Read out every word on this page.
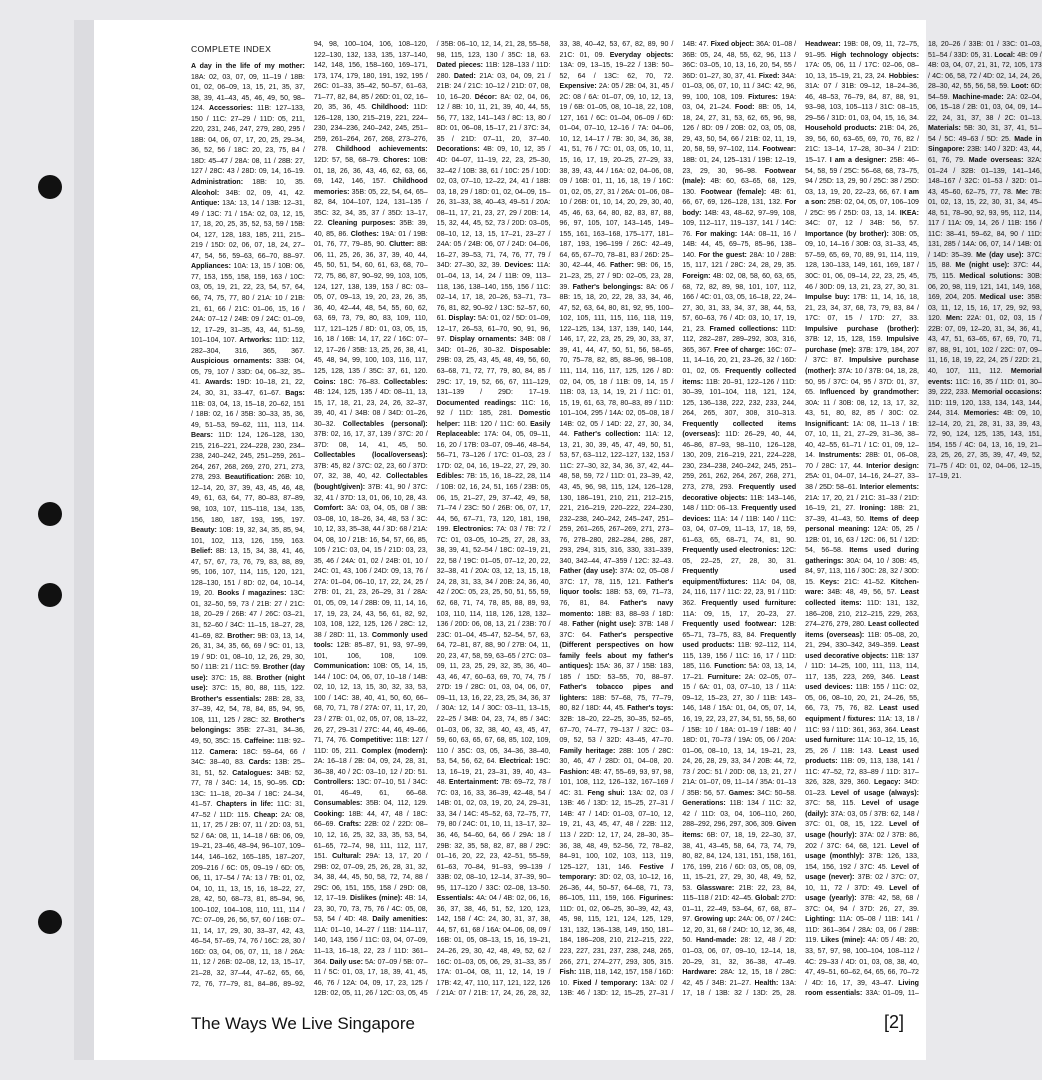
COMPLETE INDEX

A day in the life of my mother: 18A: 02, 03, 07, 09, 11–19 / 18B: 01, 02, 06–09, 13, 15, 21, 35, 37, 38, 39, 41–43, 45, 46, 49, 50, 98–124. Accessories: 11B: 127–133, 150 / 11C: 27–29 / 11D: 05, 211, 220, 231, 246, 247, 279, 280, 295 / 18B: 04, 06, 07, 17, 20, 25, 29–34, 36, 52, 56 / 18C: 20, 23, 75, 84 / 18D: 45–47 / 28A: 08, 11 / 28B: 27, 127 / 28C: 43 / 28D: 09, 14, 16–19. Administration: 18B: 10, 35. Alcohol: 34B: 02, 09, 41, 42. Antique: 13A: 13, 14 / 13B: 12–31, 49 / 13C: 71 / 15A: 02, 03, 12, 15, 17, 18, 20, 25, 35, 52, 53, 59 / 15B: 04, 127, 128, 183, 185, 211, 215–219 / 15D: 02, 06, 07, 18, 24, 27–47, 54, 56, 59–63, 66–70, 88–97. Appliances: 10A: 13, 15 / 10B: 06, 77, 153, 155, 158, 159, 163 / 10C: 03, 05, 19, 21, 22, 23, 54, 57, 64, 66, 74, 75, 77, 80 / 21A: 10 / 21B: 21, 61, 66 / 21C: 01–06, 15, 16 / 24A: 07–12 / 24B: 09 / 24C: 01–09, 12, 17–29, 31–35, 43, 44, 51–59, 101–104, 107. Artworks: 11D: 112, 282–304, 316, 365, 367. Auspicious ornaments: 33B: 04, 05, 79, 107 / 33D: 04, 06–32, 35–41. Awards: 19D: 10–18, 21, 22, 24, 30, 31, 33–47, 61–67. Bags: 11B: 03, 04, 13, 15–18, 20–62, 151 / 18B: 02, 16 / 35B: 30–33, 35, 36, 49, 51–53, 59–62, 111, 113, 114. Bears: 11D: 124, 126–128, 130, 215, 216–221, 224–228, 230, 234–238, 240–242, 245, 251–259, 261–264, 267, 268, 269, 270, 271, 273, 278, 293. Beautification: 26B: 10, 12–14, 20, 37, 39, 43, 45, 46, 48, 49, 61, 63, 64, 77, 80–83, 87–89, 98, 103, 107, 115–118, 134, 135, 156, 180, 187, 193, 195, 197. Beauty: 10B: 19, 32, 34, 35, 85, 94, 101, 102, 113, 126, 159, 163. Belief: 8B: 13, 15, 34, 38, 41, 46, 47, 57, 67, 73, 76, 79, 83, 88, 89, 95, 106, 107, 114, 115, 120, 121, 128–130, 151 / 8D: 02, 04, 10–14, 19, 20. Books / magazines: 13C: 01, 32–50, 59, 73 / 21B: 27 / 21C: 18, 20–29 / 26B: 47 / 26C: 03–21, 31, 52–60 / 34C: 11–15, 18–27, 28, 41–69, 82. Brother: 9B: 03, 13, 14, 26, 31, 34, 35, 66, 69 / 9C: 01, 13, 19 / 9D: 01, 08–10, 12, 26, 29, 30, 50 / 11B: 21 / 11C: 59. Brother (day use): 37C: 15, 88. Brother (night use): 37C: 15, 80, 88, 115, 122. Brother's essentials: 28B: 28, 33, 37–39, 42, 54, 78, 84, 85, 94, 95, 108, 111, 125 / 28C: 32. Brother's belongings: 35B: 27–31, 34–36, 49, 50, 35C: 15. Caffeine: 11B: 92–112. Camera: 18C: 59–64, 66 / 34C: 38–40, 83. Cards: 13B: 25–31, 51, 52. Catalogues: 34B: 52, 77, 78 / 34C: 14, 15, 90–95. CD: 13C: 11–18, 20–34 / 18C: 24–34, 41–57. Chapters in life: 11C: 31, 47–52 / 11D: 115. Cheap: 2A: 08, 11, 17, 25 / 2B: 07, 11 / 2D: 03, 51, 52 / 6A: 08, 11, 14–18 / 6B: 06, 09, 19–21, 23–46, 48–94, 96–107, 109–144, 146–162, 165–185, 187–207, 209–216 / 6C: 05, 09–19 / 6D: 05, 06, 11, 17–54 / 7A: 13 / 7B: 01, 02, 04, 10, 11, 13, 15, 16, 18–22, 27, 28, 42, 50, 68–73, 81, 85–94, 96, 100–102, 104–108, 110, 111, 114 / 7C: 07–09, 26, 56, 57, 60 / 16B: 07–11, 14, 17, 29, 30, 33–37, 42, 43, 46–54, 57–69, 74, 76 / 16C: 28, 30 / 16D: 03, 04, 06, 07, 11, 18 / 26A: 11, 12 / 26B: 02–08, 12, 13, 15–17, 21–28, 32, 37–44, 47–62, 65, 66, 72, 76, 77–79, 81, 84–86, 89–92, 94, 98, 100–104, 106, 108–120, 122–130, 132, 133, 135, 137–140, 142, 148, 156, 158–160, 169–171, 173, 174, 179, 180, 191, 192, 195 / 26C: 01–33, 35–42, 50–57, 61–63, 71–77, 82, 84, 85 / 26D: 01, 02, 16–20, 35, 36, 45. Childhood: 11D: 126–128, 130, 215–219, 221, 224–230, 234–236, 240–242, 245, 251–259, 261–264, 267, 268, 273–276, 278. Childhood achievements: 12D: 57, 58, 68–79. Chores: 10B: 01, 18, 26, 36, 43, 46, 62, 63, 66, 69, 142, 146, 157. Childhood memories: 35B: 05, 22, 54, 64, 65–82, 84, 104–107, 124, 131–135 / 35C: 32, 34, 35, 37 / 35D: 13–17, 22. Cleaning purposes: 35B: 39, 40, 85, 86. Clothes: 19A: 01 / 19B: 01, 76, 77, 79–85, 90. Clutter: 8B: 06, 11, 25, 26, 36, 37, 39, 40, 44, 45, 50, 51, 54, 60, 61, 63, 68, 70–72, 75, 86, 87, 90–92, 99, 103, 105, 124, 127, 138, 139, 153 / 8C: 03–05, 07, 09–13, 19, 20, 23, 26, 35, 36, 40, 42–44, 48, 54, 55, 60, 62, 63, 69, 73, 79, 80, 83, 109, 110, 117, 121–125 / 8D: 01, 03, 05, 15, 16, 18 / 16B: 14, 17, 22 / 16C: 07–12, 17–26 / 35B: 13, 25, 26, 38, 41, 45, 48, 94, 99, 100, 103, 116, 117, 125, 128, 135 / 35C: 37, 61, 120. Coins: 18C: 76–83. Collectables: 4B: 124, 125, 135 / 4D: 08–11, 13, 15, 17, 18, 21, 23, 24, 26, 32–37, 39, 40, 41 / 34B: 08 / 34D: 01–26, 30–32. Collectables (personal): 37B: 02, 16, 17, 37, 139 / 37C: 20 / 37D: 08, 14, 41, 45, 50. Collectables (local/overseas): 37B: 45, 82 / 37C: 02, 23, 60 / 37D: 07, 32, 38, 40, 42. Collectables (bought/given): 37B: 41, 90 / 37C: 32, 41 / 37D: 13, 01, 06, 10, 28, 43. Comfort: 3A: 03, 04, 05, 08 / 3B: 03–08, 10, 18–26, 34, 48, 53 / 3C: 10, 12, 33, 35–38, 44 / 3D: 68 / 21A: 04, 08, 10 / 21B: 16, 54, 57, 66, 85, 105 / 21C: 03, 04, 15 / 21D: 03, 23, 35, 46 / 24A: 01, 02 / 24B: 01, 10 / 24C: 01, 43, 106 / 24D: 09, 13, 76 / 27A: 01–04, 06–10, 17, 22, 24, 25 / 27B: 01, 21, 23, 26–29, 31 / 28A: 01, 05, 09, 14 / 28B: 09, 11, 14, 16, 17, 19, 23, 24, 43, 56, 61, 82, 92, 103, 108, 122, 125, 126 / 28C: 12, 38 / 28D: 11, 13. Commonly used tools: 12B: 85–87, 91, 93, 97–99, 101, 106, 108, 109. Communication: 10B: 05, 14, 15, 144 / 10C: 04, 06, 07, 10–18 / 14B: 02, 10, 12, 13, 15, 30, 32, 33, 53, 100 / 14C: 38, 40, 41, 50, 60, 66–68, 70, 71, 78 / 27A: 07, 11, 17, 20, 23 / 27B: 01, 02, 05, 07, 08, 13–22, 26, 27, 29–31 / 27C: 44, 46, 49–66, 71, 74, 76. Competitive: 11B: 127 / 11D: 05, 211. Complex (modern): 2A: 16–18 / 2B: 04, 09, 24, 28, 31, 36–38, 40 / 2C: 03–10, 12 / 2D: 51. Controllers: 13C: 07–10, 51 / 34C: 01, 46–49, 61, 66–68. Consumables: 35B: 04, 112, 129. Cooking: 18B: 44, 47, 48 / 18C: 66–69. Crafts: 22B: 02 / 22D: 08–10, 12, 16, 25, 32, 33, 35, 53, 54, 61–65, 72–74, 98, 111, 112, 117, 151. Cultural: 29A: 13, 17, 20 / 29B: 02, 07–09, 25, 26, 28, 31, 32, 34, 38, 44, 45, 50, 58, 72, 74, 88 / 29C: 06, 151, 155, 158 / 29D: 08, 12, 17–19. Dislikes (mine): 4B: 14, 23, 30, 70, 73, 75, 76 / 4C: 05, 08, 53, 54 / 4D: 48. Daily amenities: 11A: 01–10, 14–27 / 11B: 114–117, 140, 143, 156 / 11C: 03, 04, 07–09, 11–13, 16–18, 22, 23 / 11D: 361–364. Daily use: 5A: 07–09 / 5B: 07–11 / 5C: 01, 03, 17, 18, 39, 41, 45, 46, 76 / 12A: 04, 09, 17, 23, 125 / 12B: 02, 05, 11, 26 / 12C: 03, 05, 45 / 35B: 06–10, 12, 14, 21, 28, 55–58, 98, 115, 123, 130 / 35C: 18, 63. Dated pieces: 11B: 128–133 / 11D: 280. Dated: 21A: 03, 04, 09, 21 / 21B: 24 / 21C: 10–12 / 21D: 07, 08, 10, 16–20. Décor: 8A: 02, 04, 06, 12 / 8B: 10, 11, 21, 39, 40, 44, 55, 56, 77, 132, 141–143 / 8C: 13, 80 / 8D: 01, 06–08, 15–17, 21 / 37C: 34, 35 / 21D: 07–11, 20, 37–40. Decorations: 4B: 09, 10, 12, 35 / 4D: 04–07, 11–19, 22, 23, 25–30, 32–42 / 10B: 38, 61 / 10C: 25 / 10D: 02, 03, 07–10, 12–22, 24, 41 / 18B: 03, 18, 29 / 18D: 01, 02, 04–09, 15–26, 31–33, 38, 40–43, 49–51 / 20A: 08–11, 17, 21, 23, 27, 29 / 20B: 14, 15, 32, 44, 45, 52, 73 / 20D: 03–05, 08–10, 12, 13, 15, 17–21, 23–27 / 24A: 05 / 24B: 06, 07 / 24D: 04–06, 16–27, 39–53, 71, 74, 76, 77, 79 / 34D: 27–30, 32, 39. Devices: 11A: 01–04, 13, 14, 24 / 11B: 09, 113–118, 136, 138–140, 155, 156 / 11C: 02–14, 17, 18, 20–26, 53–71, 73–76, 81, 82, 90–92 / 13C: 52–57, 60, 61. Display: 5A: 01, 02 / 5D: 01–09, 12–17, 26–53, 61–70, 90, 91, 96, 97. Display ornaments: 34B: 08 / 34D: 01–26, 30–32. Disposable: 29B: 03, 25, 43, 45, 48, 49, 56, 60, 63–68, 71, 72, 77, 79, 80, 84, 85 / 29C: 17, 19, 52, 66, 67, 111–129, 131–139 / 29D: 17–19. Documented readings: 11C: 16, 92 / 11D: 185, 281. Domestic helper: 11B: 120 / 11C: 60. Easily Replaceable: 17A: 04, 05, 09–11, 16, 20 / 17B: 03–07, 09–46, 48–54, 56–71, 73–126 / 17C: 01–03, 23 / 17D: 02, 04, 16, 19–22, 27, 29, 30. Edibles: 7B: 15, 16, 18–22, 28, 114 / 10B: 02, 16, 24, 51, 165 / 23B: 05, 06, 15, 21–27, 29, 37–42, 49, 58, 71–74 / 23C: 50 / 26B: 06, 07, 17, 44, 56, 67–71, 73, 120, 181, 198, 199. Electronics: 7A: 03 / 7B: 72 / 7C: 01, 03–05, 10–25, 27, 28, 33, 38, 39, 41, 52–54 / 18C: 02–19, 21, 22, 58 / 19C: 01–05, 07–12, 20, 22, 32–38, 41 / 20A: 03, 12, 13, 15, 18, 24, 28, 31, 33, 34 / 20B: 24, 36, 40, 42 / 20C: 05, 23, 25, 50, 51, 55, 59, 62, 68, 71, 74, 78, 85, 88, 89, 93, 103, 110, 114, 118, 126, 128, 132–136 / 20D: 06, 08, 13, 21 / 23B: 70 / 23C: 01–04, 45–47, 52–54, 57, 63, 64, 72–81, 87, 88, 90 / 27B: 04, 11, 20, 23, 47, 58, 59, 63–65 / 27C: 03–09, 11, 23, 25, 29, 32, 35, 36, 40–43, 46, 47, 60–63, 69, 70, 74, 75 / 27D: 19 / 28C: 01, 03, 04, 06, 07, 09–11, 13, 16, 22, 23, 25, 34, 36, 37 / 30A: 12, 14 / 30C: 03–11, 13–15, 22–25 / 34B: 04, 23, 74, 85 / 34C: 01–03, 06, 32, 38, 40, 43, 45, 47, 59, 60, 63, 65, 67, 68, 85, 102, 109, 110 / 35C: 03, 05, 34–36, 38–40, 53, 54, 56, 62, 64. Electrical: 19C: 13, 16–19, 21, 23–31, 39, 40, 43–48. Entertainment: 7B: 69–72, 78 / 7C: 03, 16, 33, 36–39, 42–48, 54 / 14B: 01, 02, 03, 19, 20, 24, 29–31, 33, 34 / 14C: 45–52, 63, 72–75, 77, 79, 80 / 24C: 01, 10, 11, 13–17, 32–36, 46, 54–60, 64, 66 / 29A: 18 / 29B: 32, 35, 58, 82, 87, 88 / 29C: 01–16, 20, 22, 23, 42–51, 55–59, 61–63, 70–84, 91–93, 99–139 / 33B: 02, 08–10, 12–14, 37–39, 90–95, 117–120 / 33C: 02–08, 13–50. Essentials: 4A: 04 / 4B: 02, 06, 16, 36, 37, 38, 46, 51, 52, 120, 123, 142, 158 / 4C: 24, 30, 31, 37, 38, 44, 57, 61, 68 / 16A: 04–06, 08, 09 / 16B: 01, 05, 08–13, 15, 16, 19–21, 24–26, 29, 30, 42, 48, 49, 52, 62 / 16C: 01–03, 05, 06, 29, 31–33, 35 / 17A: 01–04, 08, 11, 12, 14, 19 / 17B: 42, 47, 110, 117, 121, 122, 126 / 21A: 07 / 21B: 17, 24, 26, 28, 32, 33, 38, 40–42, 53, 67, 82, 89, 90 / 21C: 01, 09. Everyday objects: 13A: 09, 13–15, 19–22 / 13B: 50–52, 64 / 13C: 62, 70, 72. Expensive: 2A: 05 / 2B: 04, 31, 45 / 2C: 08 / 6A: 01–07, 09, 10, 12, 13, 19 / 6B: 01–05, 08, 10–18, 22, 108, 127, 161 / 6C: 01–04, 06–09 / 6D: 01–04, 07–10, 12–16 / 7A: 04–06, 10, 12, 14–17 / 7B: 30, 34, 36, 38, 41, 51, 76 / 7C: 01, 03, 05, 10, 11, 15, 16, 17, 19, 20–25, 27–29, 33, 38, 39, 43, 44 / 16A: 02, 04–06, 08, 09 / 16B: 01, 11, 16, 18, 19 / 16C: 01, 02, 05, 27, 31 / 26A: 01–06, 08–10 / 26B: 01, 10, 14, 20, 29, 30, 40, 45, 46, 63, 64, 80, 82, 83, 87, 88, 96, 97, 105, 107, 143–145, 149–155, 161, 163–168, 175–177, 181–187, 193, 196–199 / 26C: 42–49, 64, 65, 67–70, 78–81, 83 / 26D: 25–30, 42–44, 46. Father: 9B: 06, 15, 21–23, 25, 27 / 9D: 02–05, 23, 28, 39. Father's belongings: 8A: 06 / 8B: 15, 18, 20, 22, 28, 33, 34, 46, 47, 52, 63, 64, 80, 81, 92, 95, 100–102, 105, 111, 115, 116, 118, 119, 122–125, 134, 137, 139, 140, 144, 146, 17, 22, 23, 25, 29, 30, 33, 37, 39, 41, 44, 47, 50, 51, 56, 58–65, 70, 75–78, 82, 85, 88–96, 98–108, 111, 114, 116, 117, 125, 126 / 8D: 02, 04, 05, 18 / 11B: 09, 14, 15 / 11B: 03, 13, 14, 19, 21 / 11C: 01, 15, 19, 61, 63, 78, 80–83, 89 / 11D: 101–104, 295 / 14A: 02, 05–08, 18 / 14B: 02, 05 / 14D: 22, 27, 30, 34, 44. Father's collection: 11A: 12, 13, 21, 30, 39, 45, 47, 49, 50, 51, 53, 57, 63–112, 122–127, 132, 153 / 11C: 27–30, 32, 34, 36, 37, 42, 44–48, 58, 59, 72 / 11D: 01, 23–39, 42, 43, 45, 96, 98, 115, 124, 126–128, 130, 186–191, 210, 211, 212–215, 221, 216–219, 220–222, 224–230, 232–238, 240–242, 245–247, 251–259, 261–265, 267–269, 271, 273–76, 278–280, 282–284, 286, 287, 293, 294, 315, 316, 330, 331–339, 340, 342–44, 47–359 / 12C: 32–43. Father (day use): 37A: 02, 05–08 / 37C: 17, 78, 115, 121. Father's liquor tools: 18B: 53, 69, 71–73, 76, 81, 84. Father's navy momento: 18B: 83, 88–93 / 18D: 48. Father (night use): 37B: 148 / 37C: 64. Father's perspective (Different perspectives on how family feels about my father's antiques): 15A: 36, 37 / 15B: 183, 185 / 15D: 53–55, 70, 88–97. Father's tobacco pipes and lighters: 18B: 57–68, 75, 77–79, 80, 82 / 18D: 44, 45. Father's toys: 32B: 18–20, 22–25, 30–35, 52–65, 67–70, 74–77, 79–137 / 32C: 03–09, 52, 53 / 32D: 43–45, 47–70. Family heritage: 28B: 105 / 28C: 30, 46, 47 / 28D: 01, 04–08, 20. Fashion: 4B: 47, 55–69, 93, 97, 98, 101, 108, 112, 126–132, 167–169 / 4C: 31. Feng shui: 13A: 02, 03 / 13B: 46 / 13D: 12, 15–25, 27–31 / 14B: 47 / 14D: 01–03, 07–10, 12, 19, 21, 43, 45, 47, 48 / 22B: 112, 113 / 22D: 12, 17, 24, 28–30, 35–36, 38, 48, 49, 52–56, 72, 78–82, 84–91, 100, 102, 103, 113, 119, 125–127, 131, 146. Festive / temporary: 3D: 02, 03, 10–12, 16, 26–36, 44, 50–57, 64–68, 71, 73, 86–105, 111, 159, 166. Figurines: 11D: 01, 02, 06–25, 30–39, 42, 43, 45, 98, 115, 121, 124, 125, 129, 131, 132, 136–138, 149, 150, 181–184, 186–208, 210, 212–215, 222, 223, 227, 231, 237, 238, 248, 265, 266, 271, 274–277, 293, 305, 315. Fish: 11B, 118, 142, 157, 158 / 16D: 10. Fixed / temporary: 13A: 02 / 13B: 46 / 13D: 12, 15–25, 27–31 / 14B: 47. Fixed object: 36A: 01–08 / 36B: 05, 24, 48, 55, 62, 96, 113 / 36C: 03–05, 10, 13, 16, 20, 54, 55 / 36D: 01–27, 30, 37, 41. Fixed: 34A: 01–03, 06, 07, 10, 11 / 34C: 42, 96, 99, 100, 108, 109. Fixtures: 19A: 03, 04, 21–24. Food: 8B: 05, 14, 18, 24, 27, 31, 53, 62, 65, 96, 98, 126 / 8D: 09 / 20B: 02, 03, 05, 08, 29, 43, 50, 54, 66 / 21B: 02, 11, 19, 20, 58, 59, 97–102, 114. Footwear: 18B: 01, 24, 125–131 / 19B: 12–19, 23, 29, 30, 96–98. Footwear (male): 4B: 60, 63–65, 68, 129, 130. Footwear (female): 4B: 61, 66, 67, 69, 126–128, 131, 132. For body: 14B: 43, 48–62, 97–99, 108, 109, 112–117, 119–137, 141 / 14C: 76. For making: 14A: 08–11, 16 / 14B: 44, 45, 69–75, 85–96, 138–140. For the guest: 28A: 10 / 28B: 15, 117, 121 / 28C: 24, 28, 29, 35. Foreign: 4B: 02, 08, 58, 60, 63, 65, 68, 72, 82, 89, 98, 101, 107, 112, 166 / 4C: 01, 03, 05, 16–18, 22, 24–27, 30, 31, 33, 34, 37, 38, 44, 53, 57, 60–63, 76 / 4D: 03, 10, 17, 19, 21, 23. Framed collections: 11D: 112, 282–287, 289–292, 303, 316, 365, 367. Free of charge: 16C: 07–11, 14–16, 20, 21, 23–26, 32 / 16D: 01, 02, 05. Frequently collected items: 11B: 20–91, 122–126 / 11D: 30–39, 101–104, 118, 121, 124, 125, 136–138, 222, 232, 233, 244, 264, 265, 307, 308, 310–313. Frequently collected items (overseas): 11D: 26–29, 40, 44, 46–86, 87–93, 98–110, 126–128, 130, 209, 216–219, 221, 224–228, 230, 234–238, 240–242, 245, 251–259, 261, 262, 264, 267, 268, 271, 273, 278, 293. Frequently used decorative objects: 11B: 143–146, 148 / 11D: 06–13. Frequently used devices: 11A: 14 / 11B: 140 / 11C: 03, 04, 07–09, 11–13, 17, 18, 59, 61–63, 65, 68–71, 74, 81, 90. Frequently used electronics: 12C: 05, 22–25, 27, 28, 30, 31. Frequently used equipment/fixtures: 11A: 04, 08, 24, 116, 117 / 11C: 22, 23, 91 / 11D: 362. Frequently used furniture: 11A: 09, 15, 17, 20–23, 27. Frequently used footwear: 12B: 65–71, 73–75, 83, 84. Frequently used products: 11B: 92–112, 114, 115, 139, 156 / 11C: 16, 17 / 11D: 185, 116. Function: 5A: 03, 13, 14, 17–21. Furniture: 2A: 02–05, 07–15 / 6A: 01, 03, 07–10, 13 / 11A: 09–12, 15–23, 27, 30 / 11B: 143–146, 148 / 15A: 01, 04, 05, 07, 14, 16, 19, 22, 23, 27, 34, 51, 55, 58, 60 / 15B: 10 / 18A: 01–19 / 18B: 40 / 18D: 01, 70–73 / 19A: 05, 06 / 20A: 01–06, 08–10, 13, 14, 19–21, 23, 24, 26, 28, 29, 33, 34 / 20B: 44, 72, 73 / 20C: 51 / 20D: 08, 13, 21, 27 / 21A: 01–07, 09, 11–14 / 35A: 01–13 / 35B: 56, 57. Games: 34C: 50–58. Generations: 11B: 134 / 11C: 32, 42 / 11D: 03, 04, 106–110, 260, 288–292, 296, 297, 306, 309. Given items: 6B: 07, 18, 19, 22–30, 37, 38, 41, 43–45, 58, 64, 73, 74, 79, 80, 82, 84, 124, 131, 151, 158, 161, 176, 199, 216 / 6D: 03, 05, 08, 09, 11, 15–21, 27, 29, 30, 48, 49, 52, 53. Glassware: 21B: 22, 23, 84, 115–118 / 21D: 42–45. Global: 27D: 01–11, 22–49, 53–64, 67, 68, 87–97. Growing up: 24A: 06, 07 / 24C: 12, 20, 31, 68 / 24D: 10, 12, 36, 48, 50. Hand-made: 28: 12, 48 / 2D: 01–03, 06, 07, 09–10, 12–14, 18, 20–29, 31, 32, 36–38, 47–49. Hardware: 28A: 12, 15, 18 / 28C: 42, 45 / 34B: 21–27. Health: 13A: 17, 18 / 13B: 32 / 13D: 25, 28. Headwear: 19B: 08, 09, 11, 72–75, 91–95. High technology objects: 17A: 05, 06, 11 / 17C: 02–06, 08–10, 13, 15–19, 21, 23, 24. Hobbies: 31A: 07 / 31B: 09–12, 18–24–36, 46, 48–53, 76–79, 84, 87, 88, 91, 93–98, 103, 105–113 / 31C: 08–15, 29–56 / 31D: 01, 03, 04, 15, 16, 34. Household products: 21B: 04, 26, 39, 56, 60, 63–65, 69, 70, 76, 82 / 21C: 13–14, 17–28, 30–34 / 21D: 15–17. I am a designer: 25B: 46–54, 58, 59 / 25C: 56–68, 68, 73–75, 94 / 25D: 13, 29, 90 / 25C: 38 / 25D: 03, 13, 19, 20, 22–23, 66, 67. I am a son: 25B: 02, 04, 05, 07, 106–109 / 25C: 95 / 25D: 03, 13, 14. IKEA: 34C: 07, 12 / 34B: 56, 57. Importance (by brother): 30B: 05, 09, 10, 14–16 / 30B: 03, 31–33, 45, 57–59, 65, 69, 70, 89, 91, 114, 119, 128, 130–133, 149, 161, 169, 187 / 30C: 01, 06, 09–14, 22, 23, 25, 45, 46 / 30D: 09, 13, 21, 23, 27, 30, 31. Impulse buy: 17B: 11, 14, 16, 18, 21, 23, 34, 37, 68, 73, 79, 83, 84 / 17C: 07, 15 / 17D: 27, 33. Impulsive purchase (brother): 37B: 12, 15, 128, 159. Impulsive purchase (me): 37B: 179, 184, 207 / 37C: 87. Impulsive purchase (mother): 37A: 10 / 37B: 04, 18, 28, 50, 95 / 37C: 04, 95 / 37D: 01, 37, 65. Influenced by grandmother: 30A: 11 / 30B: 08, 12, 13, 17, 32, 43, 51, 80, 82, 85 / 30C: 02. Insignificant: 1A: 08, 11–13 / 1B: 07, 10, 11, 21, 27–29, 31–36, 38–40, 42–55, 61–71 / 1C: 01, 09, 12–14. Instruments: 28B: 01, 06–08, 70 / 28C: 17, 44. Interior design: 25A: 01, 04–07, 14–16, 24–27, 33–38 / 25D: 58–61. Interior elements: 21A: 17, 20, 21 / 21C: 31–33 / 21D: 16–19, 21, 27. Ironing: 18B: 21, 37–39, 41–43, 50. Items of deep personal meaning: 12A: 05, 25 / 12B: 01, 16, 63 / 12C: 06, 51 / 12D: 54, 56–58. Items used during gatherings: 30A: 04, 10 / 30B: 45, 84, 97, 113, 116 / 30C: 28, 32 / 30D: 15. Keys: 21C: 41–52. Kitchen-ware: 34B: 48, 49, 56, 57. Least collected items: 11D: 131, 132, 186–208, 210, 212–215, 229, 263, 274–276, 279, 280. Least collected items (overseas): 11B: 05–08, 20, 21, 294, 330–342, 349–359. Least used decorative objects: 11B: 137 / 11D: 14–25, 100, 111, 113, 114, 117, 135, 223, 269, 346. Least used devices: 11B: 155 / 11C: 02, 05, 06, 08–10, 20, 21, 24–26, 55, 66, 73, 75, 76, 82. Least used equipment / fixtures: 11A: 13, 18 / 11C: 93 / 11D: 361, 363, 364. Least used furniture: 11A: 10–12, 15, 16, 25, 26 / 11B: 143. Least used products: 11B: 09, 113, 138, 141 / 11C: 47–52, 72, 83–89 / 11D: 317–326, 328, 329, 360. Legacy: 34D: 01–23. Level of usage (always): 37C: 58, 115. Level of usage (daily): 37A: 03, 05 / 37B: 62, 148 / 37C: 01, 08, 15, 122. Level of usage (hourly): 37A: 02 / 37B: 86, 202 / 37C: 64, 68, 121. Level of usage (monthly): 37B: 126, 133, 154, 156, 192 / 37C: 45. Level of usage (never): 37B: 02 / 37C: 07, 10, 11, 72 / 37D: 49. Level of usage (yearly): 37B: 42, 58, 68 / 37C: 04, 94 / 37D: 26, 27, 39. Lighting: 11A: 05–08 / 11B: 141 / 11D: 361–364 / 28A: 03, 06 / 28B: 119. Likes (mine): 4A: 05 / 4B: 20, 33, 57, 97, 98, 100–104, 108–112 / 4C: 29–33 / 4D: 01, 03, 08, 38, 40, 47, 49–51, 60–62, 64, 65, 66, 70–72 / 4D: 16, 17, 39, 43–47. Living room essentials: 33A: 01–09, 11–18, 20–26 / 33B: 01 / 33C: 01–03, 51–54 / 33D: 05, 31. Local: 4B: 09 / 4B: 03, 04, 07, 21, 31, 72, 105, 173 / 4C: 06, 58, 72 / 4D: 02, 14, 24, 26, 28–30, 42, 55, 56, 58, 59. Loot: 6D: 54–59. Machine-made: 2A: 02–04, 06, 15–18 / 2B: 01, 03, 04, 09, 14–22, 24, 31, 37, 38 / 2C: 01–13. Materials: 5B: 30, 31, 37, 41, 51–54 / 5C: 49–63 / 5D: 25. Made in Singapore: 23B: 140 / 32D: 43, 44, 61, 76, 79. Made overseas: 32A: 01–24 / 32B: 01–139, 141–146, 148–167 / 32C: 01–53 / 32D: 01–43, 45–60, 62–75, 77, 78. Me: 7B: 01, 02, 13, 15, 22, 30, 31, 34, 45–48, 51, 78–90, 92, 93, 95, 112, 114, 117 / 11A: 09, 14, 26 / 11B: 156 / 11C: 38–41, 59–62, 84, 90 / 11D: 131, 285 / 14A: 06, 07, 14 / 14B: 01 / 14D: 35–39. Me (day use): 37C: 15, 88. Me (night use): 37C: 44, 75, 115. Medical solutions: 30B: 06, 20, 98, 119, 121, 141, 149, 168, 169, 204, 205. Medical use: 35B: 03, 11, 12, 15, 16, 17, 29, 92, 93, 120. Men: 22A: 01, 02, 03, 15 / 22B: 07, 09, 12–20, 31, 34, 36, 41, 43, 47, 51, 63–65, 67, 69, 70, 71, 87, 88, 91, 101, 102 / 22C: 07, 09–11, 16, 18, 19, 22, 24, 25 / 22D: 21, 40, 107, 111, 112. Memorial events: 11C: 16, 35 / 11D: 01, 30–39, 222, 233. Memorial occasions: 11D: 119, 120, 133, 134, 143, 144, 244, 314. Memories: 4B: 09, 10, 12–14, 20, 21, 28, 31, 33, 39, 43, 72, 90, 124, 125, 135, 143, 151, 154, 155 / 4C: 04, 13, 16, 19, 21–23, 25, 26, 27, 35, 39, 47, 49, 52, 71–75 / 4D: 01, 02, 04–06, 12–15, 17–19, 21.

The Ways We Live Singapore	[2]
